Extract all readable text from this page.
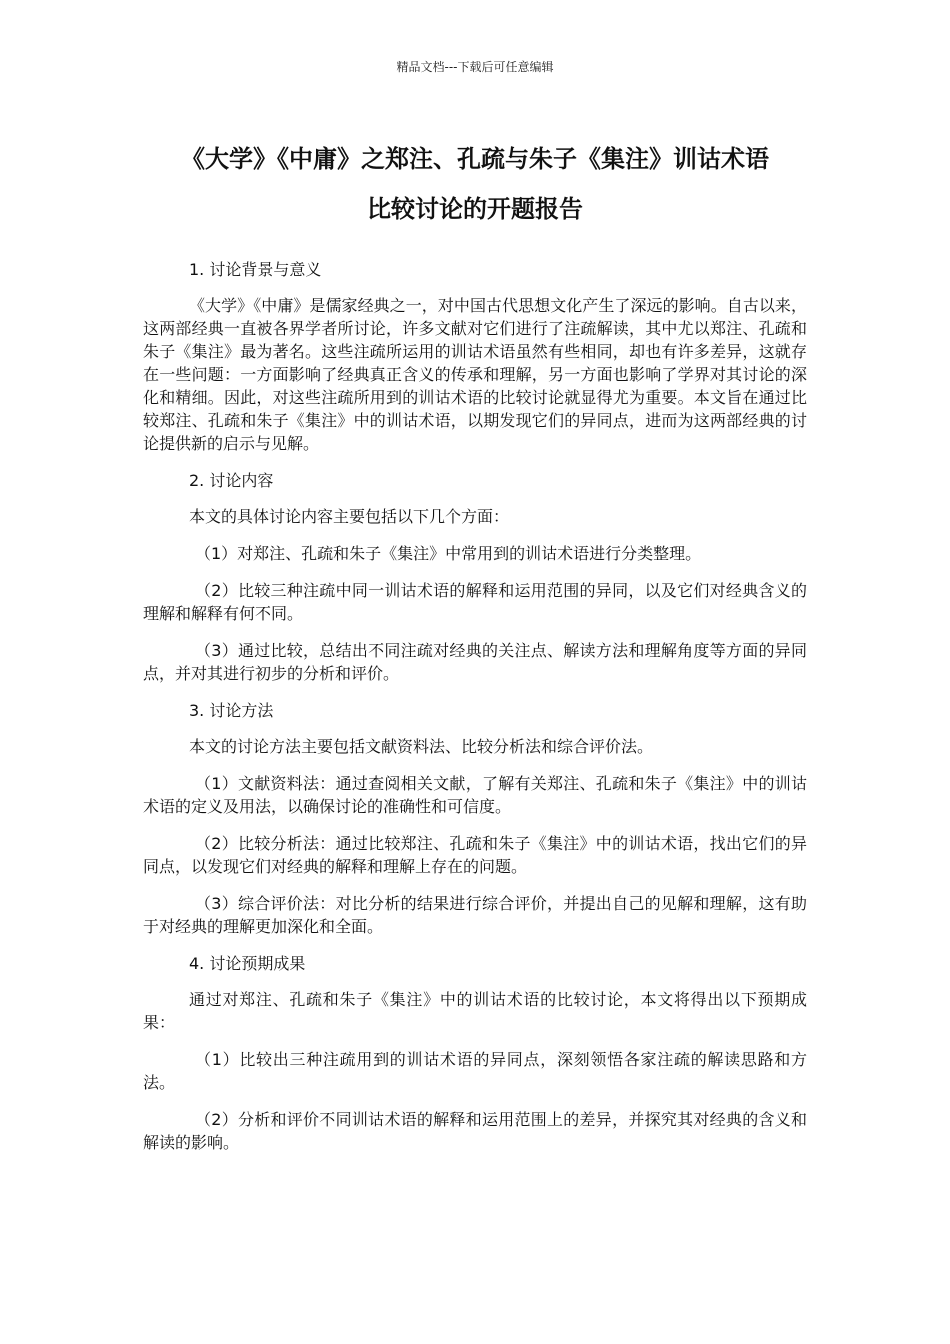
精品文档---下载后可任意编辑
《大学》《中庸》之郑注、孔疏与朱子《集注》训诂术语
比较讨论的开题报告

1. 讨论背景与意义

《大学》《中庸》是儒家经典之一，对中国古代思想文化产生了深远的影响。自古以来，这两部经典一直被各界学者所讨论，许多文献对它们进行了注疏解读，其中尤以郑注、孔疏和朱子《集注》最为著名。这些注疏所运用的训诂术语虽然有些相同，却也有许多差异，这就存在一些问题：一方面影响了经典真正含义的传承和理解，另一方面也影响了学界对其讨论的深化和精细。因此，对这些注疏所用到的训诂术语的比较讨论就显得尤为重要。本文旨在通过比较郑注、孔疏和朱子《集注》中的训诂术语，以期发现它们的异同点，进而为这两部经典的讨论提供新的启示与见解。

2. 讨论内容

本文的具体讨论内容主要包括以下几个方面：

（1）对郑注、孔疏和朱子《集注》中常用到的训诂术语进行分类整理。

（2）比较三种注疏中同一训诂术语的解释和运用范围的异同，以及它们对经典含义的理解和解释有何不同。

（3）通过比较，总结出不同注疏对经典的关注点、解读方法和理解角度等方面的异同点，并对其进行初步的分析和评价。

3. 讨论方法

本文的讨论方法主要包括文献资料法、比较分析法和综合评价法。

（1）文献资料法：通过查阅相关文献，了解有关郑注、孔疏和朱子《集注》中的训诂术语的定义及用法，以确保讨论的准确性和可信度。

（2）比较分析法：通过比较郑注、孔疏和朱子《集注》中的训诂术语，找出它们的异同点，以发现它们对经典的解释和理解上存在的问题。

（3）综合评价法：对比分析的结果进行综合评价，并提出自己的见解和理解，这有助于对经典的理解更加深化和全面。

4. 讨论预期成果

通过对郑注、孔疏和朱子《集注》中的训诂术语的比较讨论，本文将得出以下预期成果：

（1）比较出三种注疏用到的训诂术语的异同点，深刻领悟各家注疏的解读思路和方法。

（2）分析和评价不同训诂术语的解释和运用范围上的差异，并探究其对经典的含义和解读的影响。
